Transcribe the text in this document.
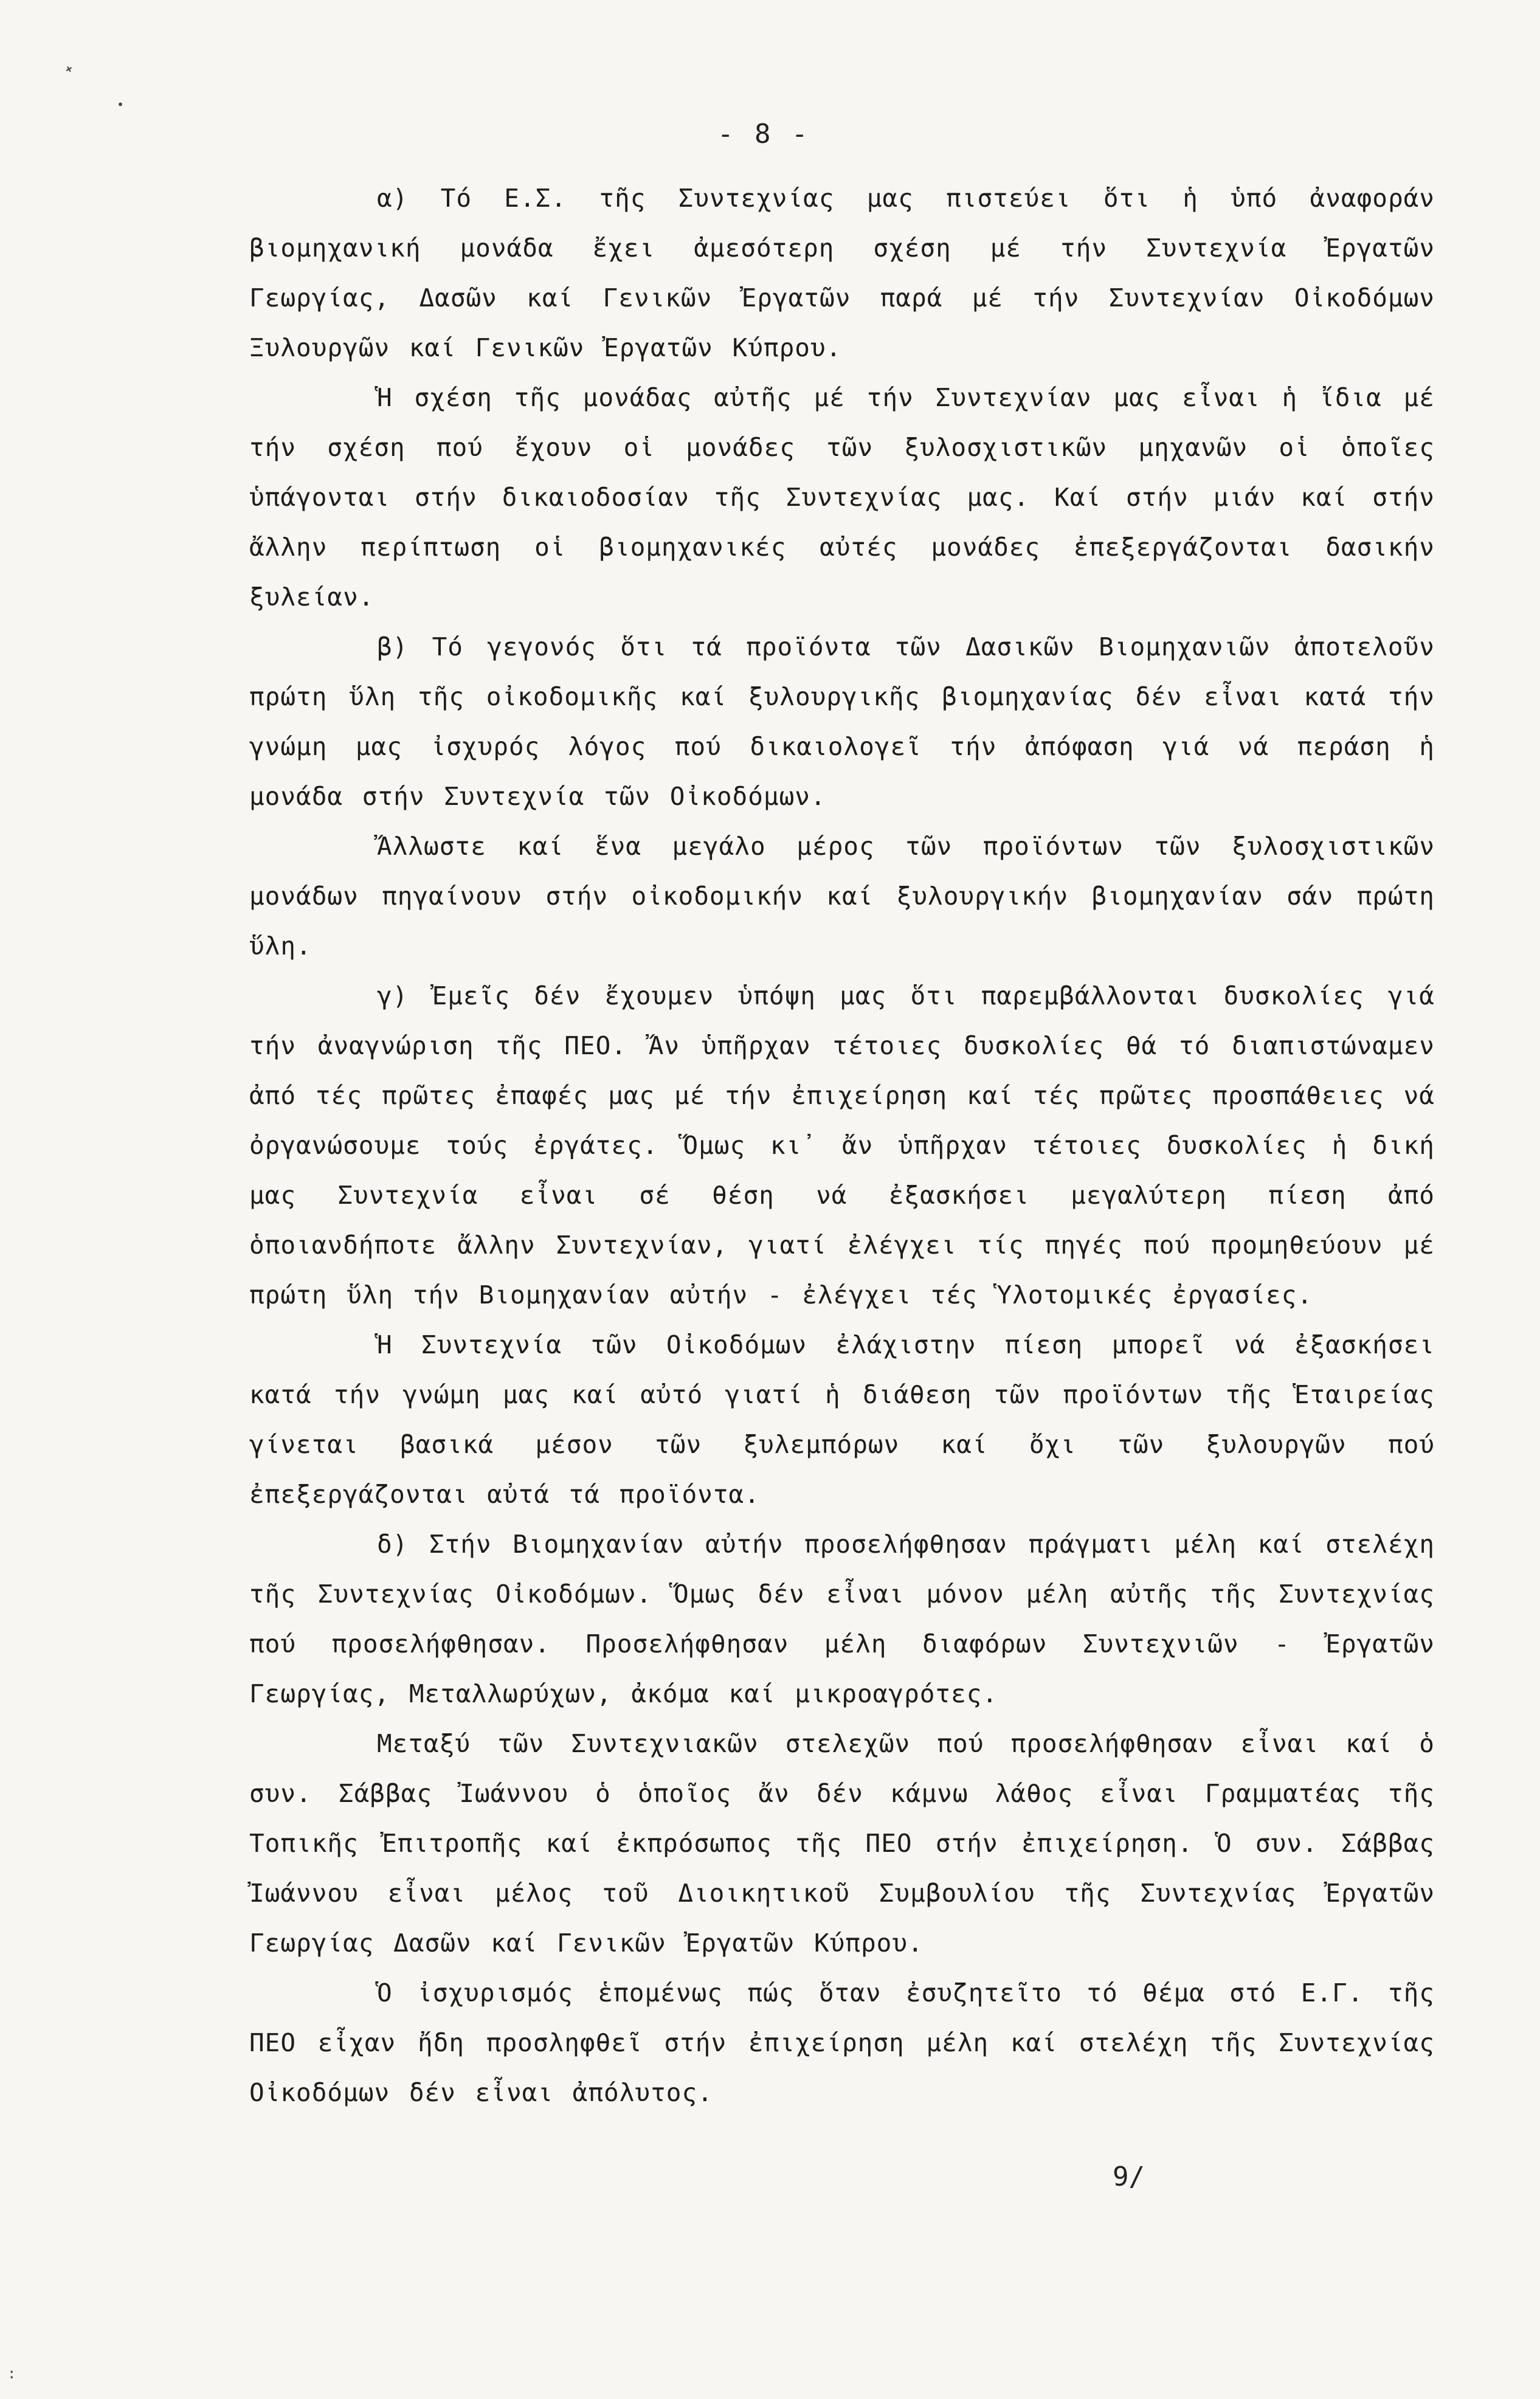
ᐩ
•
- 8 -

α) Τό Ε.Σ. τῆς Συντεχνίας μας πιστεύει ὅτι ἡ ὑπό ἀναφοράν βιομηχανική μονάδα ἔχει ἀμεσότερη σχέση μέ τήν Συντεχνία Ἐργατῶν Γεωργίας, Δασῶν καί Γενικῶν Ἐργατῶν παρά μέ τήν Συντεχνίαν Οἰκοδόμων Ξυλουργῶν καί Γενικῶν Ἐργατῶν Κύπρου.

Ἡ σχέση τῆς μονάδας αὐτῆς μέ τήν Συντεχνίαν μας εἶναι ἡ ἴδια μέ τήν σχέση πού ἔχουν οἱ μονάδες τῶν ξυλοσχιστικῶν μηχανῶν οἱ ὁποῖες ὑπάγονται στήν δικαιοδοσίαν τῆς Συντεχνίας μας. Καί στήν μιάν καί στήν ἄλλην περίπτωση οἱ βιομηχανικές αὐτές μονάδες ἐπεξεργάζονται δασικήν ξυλείαν.

β) Τό γεγονός ὅτι τά προϊόντα τῶν Δασικῶν Βιομηχανιῶν ἀποτελοῦν πρώτη ὕλη τῆς οἰκοδομικῆς καί ξυλουργικῆς βιομηχανίας δέν εἶναι κατά τήν γνώμη μας ἰσχυρός λόγος πού δικαιολογεῖ τήν ἀπόφαση γιά νά περάση ἡ μονάδα στήν Συντεχνία τῶν Οἰκοδόμων.

Ἄλλωστε καί ἕνα μεγάλο μέρος τῶν προϊόντων τῶν ξυλοσχιστικῶν μονάδων πηγαίνουν στήν οἰκοδομικήν καί ξυλουργικήν βιομηχανίαν σάν πρώτη ὕλη.

γ) Ἐμεῖς δέν ἔχουμεν ὑπόψη μας ὅτι παρεμβάλλονται δυσκολίες γιά τήν ἀναγνώριση τῆς ΠΕΟ. Ἄν ὑπῆρχαν τέτοιες δυσκολίες θά τό διαπιστώναμεν ἀπό τές πρῶτες ἐπαφές μας μέ τήν ἐπιχείρηση καί τές πρῶτες προσπάθειες νά ὀργανώσουμε τούς ἐργάτες. Ὅμως κι᾿ ἄν ὑπῆρχαν τέτοιες δυσκολίες ἡ δική μας Συντεχνία εἶναι σέ θέση νά ἐξασκήσει μεγαλύτερη πίεση ἀπό ὁποιανδήποτε ἄλλην Συντεχνίαν, γιατί ἐλέγχει τίς πηγές πού προμηθεύουν μέ πρώτη ὕλη τήν Βιομηχανίαν αὐτήν - ἐλέγχει τές Ὑλοτομικές ἐργασίες.

Ἡ Συντεχνία τῶν Οἰκοδόμων ἐλάχιστην πίεση μπορεῖ νά ἐξασκήσει κατά τήν γνώμη μας καί αὐτό γιατί ἡ διάθεση τῶν προϊόντων τῆς Ἑταιρείας γίνεται βασικά μέσον τῶν ξυλεμπόρων καί ὄχι τῶν ξυλουργῶν πού ἐπεξεργάζονται αὐτά τά προϊόντα.

δ) Στήν Βιομηχανίαν αὐτήν προσελήφθησαν πράγματι μέλη καί στελέχη τῆς Συντεχνίας Οἰκοδόμων. Ὅμως δέν εἶναι μόνον μέλη αὐτῆς τῆς Συντεχνίας πού προσελήφθησαν. Προσελήφθησαν μέλη διαφόρων Συντεχνιῶν - Ἐργατῶν Γεωργίας, Μεταλλωρύχων, ἀκόμα καί μικροαγρότες.

Μεταξύ τῶν Συντεχνιακῶν στελεχῶν πού προσελήφθησαν εἶναι καί ὁ συν. Σάββας Ἰωάννου ὁ ὁποῖος ἄν δέν κάμνω λάθος εἶναι Γραμματέας τῆς Τοπικῆς Ἐπιτροπῆς καί ἐκπρόσωπος τῆς ΠΕΟ στήν ἐπιχείρηση. Ὁ συν. Σάββας Ἰωάννου εἶναι μέλος τοῦ Διοικητικοῦ Συμβουλίου τῆς Συντεχνίας Ἐργατῶν Γεωργίας Δασῶν καί Γενικῶν Ἐργατῶν Κύπρου.

Ὁ ἰσχυρισμός ἑπομένως πώς ὅταν ἐσυζητεῖτο τό θέμα στό Ε.Γ. τῆς ΠΕΟ εἶχαν ἤδη προσληφθεῖ στήν ἐπιχείρηση μέλη καί στελέχη τῆς Συντεχνίας Οἰκοδόμων δέν εἶναι ἀπόλυτος.

9/
:
